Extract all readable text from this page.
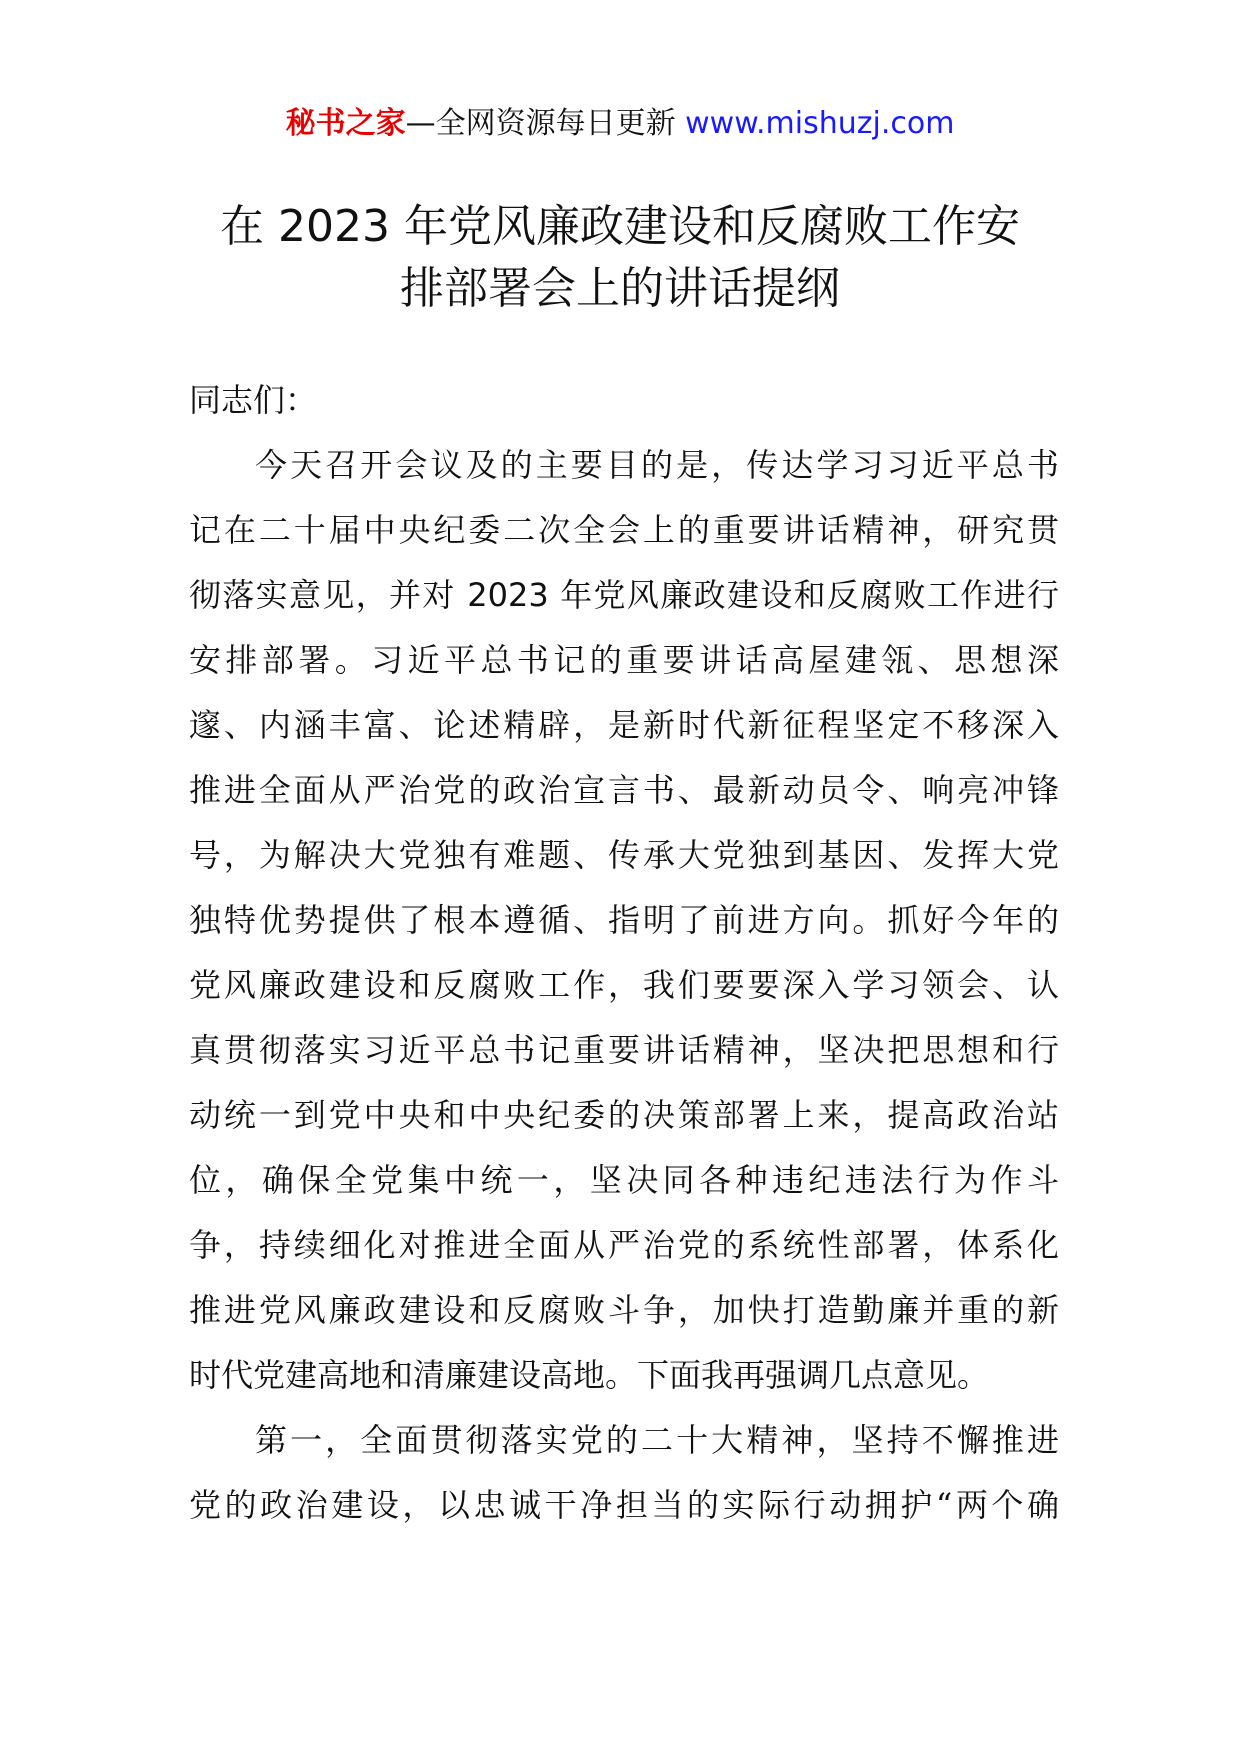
秘书之家—全网资源每日更新 www.mishuzj.com
在 2023 年党风廉政建设和反腐败工作安
排部署会上的讲话提纲
同志们：
今天召开会议及的主要目的是，传达学习习近平总书
记在二十届中央纪委二次全会上的重要讲话精神，研究贯
彻落实意见，并对 2023 年党风廉政建设和反腐败工作进行
安排部署。习近平总书记的重要讲话高屋建瓴、思想深
邃、内涵丰富、论述精辟，是新时代新征程坚定不移深入
推进全面从严治党的政治宣言书、最新动员令、响亮冲锋
号，为解决大党独有难题、传承大党独到基因、发挥大党
独特优势提供了根本遵循、指明了前进方向。抓好今年的
党风廉政建设和反腐败工作，我们要要深入学习领会、认
真贯彻落实习近平总书记重要讲话精神，坚决把思想和行
动统一到党中央和中央纪委的决策部署上来，提高政治站
位，确保全党集中统一，坚决同各种违纪违法行为作斗
争，持续细化对推进全面从严治党的系统性部署，体系化
推进党风廉政建设和反腐败斗争，加快打造勤廉并重的新
时代党建高地和清廉建设高地。下面我再强调几点意见。
第一，全面贯彻落实党的二十大精神，坚持不懈推进
党的政治建设，以忠诚干净担当的实际行动拥护“两个确
